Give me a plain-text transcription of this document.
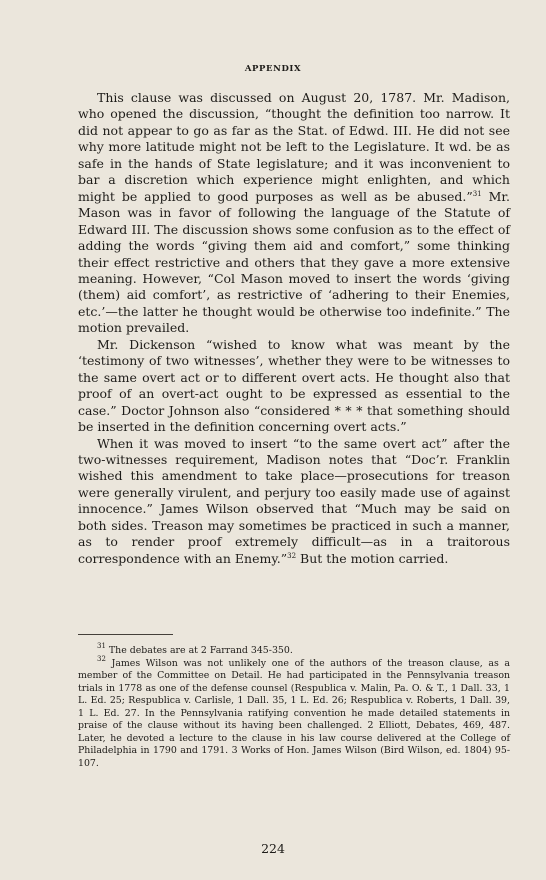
APPENDIX

This clause was discussed on August 20, 1787. Mr. Madison, who opened the discussion, “thought the definition too narrow. It did not appear to go as far as the Stat. of Edwd. III. He did not see why more latitude might not be left to the Legislature. It wd. be as safe in the hands of State legislature; and it was inconvenient to bar a discretion which experience might enlighten, and which might be applied to good purposes as well as be abused.”$^{31}$ Mr. Mason was in favor of following the language of the Statute of Edward III. The discussion shows some confusion as to the effect of adding the words “giving them aid and comfort,” some thinking their effect restrictive and others that they gave a more extensive meaning. However, “Col Mason moved to insert the words ‘giving (them) aid comfort’, as restrictive of ‘adhering to their Enemies, etc.’—the latter he thought would be otherwise too indefinite.” The motion prevailed.

Mr. Dickenson “wished to know what was meant by the ‘testimony of two witnesses’, whether they were to be witnesses to the same overt act or to different overt acts. He thought also that proof of an overt-act ought to be expressed as essential to the case.” Doctor Johnson also “considered * * * that something should be inserted in the definition concerning overt acts.”

When it was moved to insert “to the same overt act” after the two-witnesses requirement, Madison notes that “Doc’r. Franklin wished this amendment to take place—prosecutions for treason were generally virulent, and perjury too easily made use of against innocence.” James Wilson observed that “Much may be said on both sides. Treason may sometimes be practiced in such a manner, as to render proof extremely difficult—as in a traitorous correspondence with an Enemy.”$^{32}$ But the motion carried.

$^{31}$ The debates are at 2 Farrand 345-350.

$^{32}$ James Wilson was not unlikely one of the authors of the treason clause, as a member of the Committee on Detail. He had participated in the Pennsylvania treason trials in 1778 as one of the defense counsel (Respublica v. Malin, Pa. O. & T., 1 Dall. 33, 1 L. Ed. 25; Respublica v. Carlisle, 1 Dall. 35, 1 L. Ed. 26; Respublica v. Roberts, 1 Dall. 39, 1 L. Ed. 27. In the Pennsylvania ratifying convention he made detailed statements in praise of the clause without its having been challenged. 2 Elliott, Debates, 469, 487. Later, he devoted a lecture to the clause in his law course delivered at the College of Philadelphia in 1790 and 1791. 3 Works of Hon. James Wilson (Bird Wilson, ed. 1804) 95-107.

224
